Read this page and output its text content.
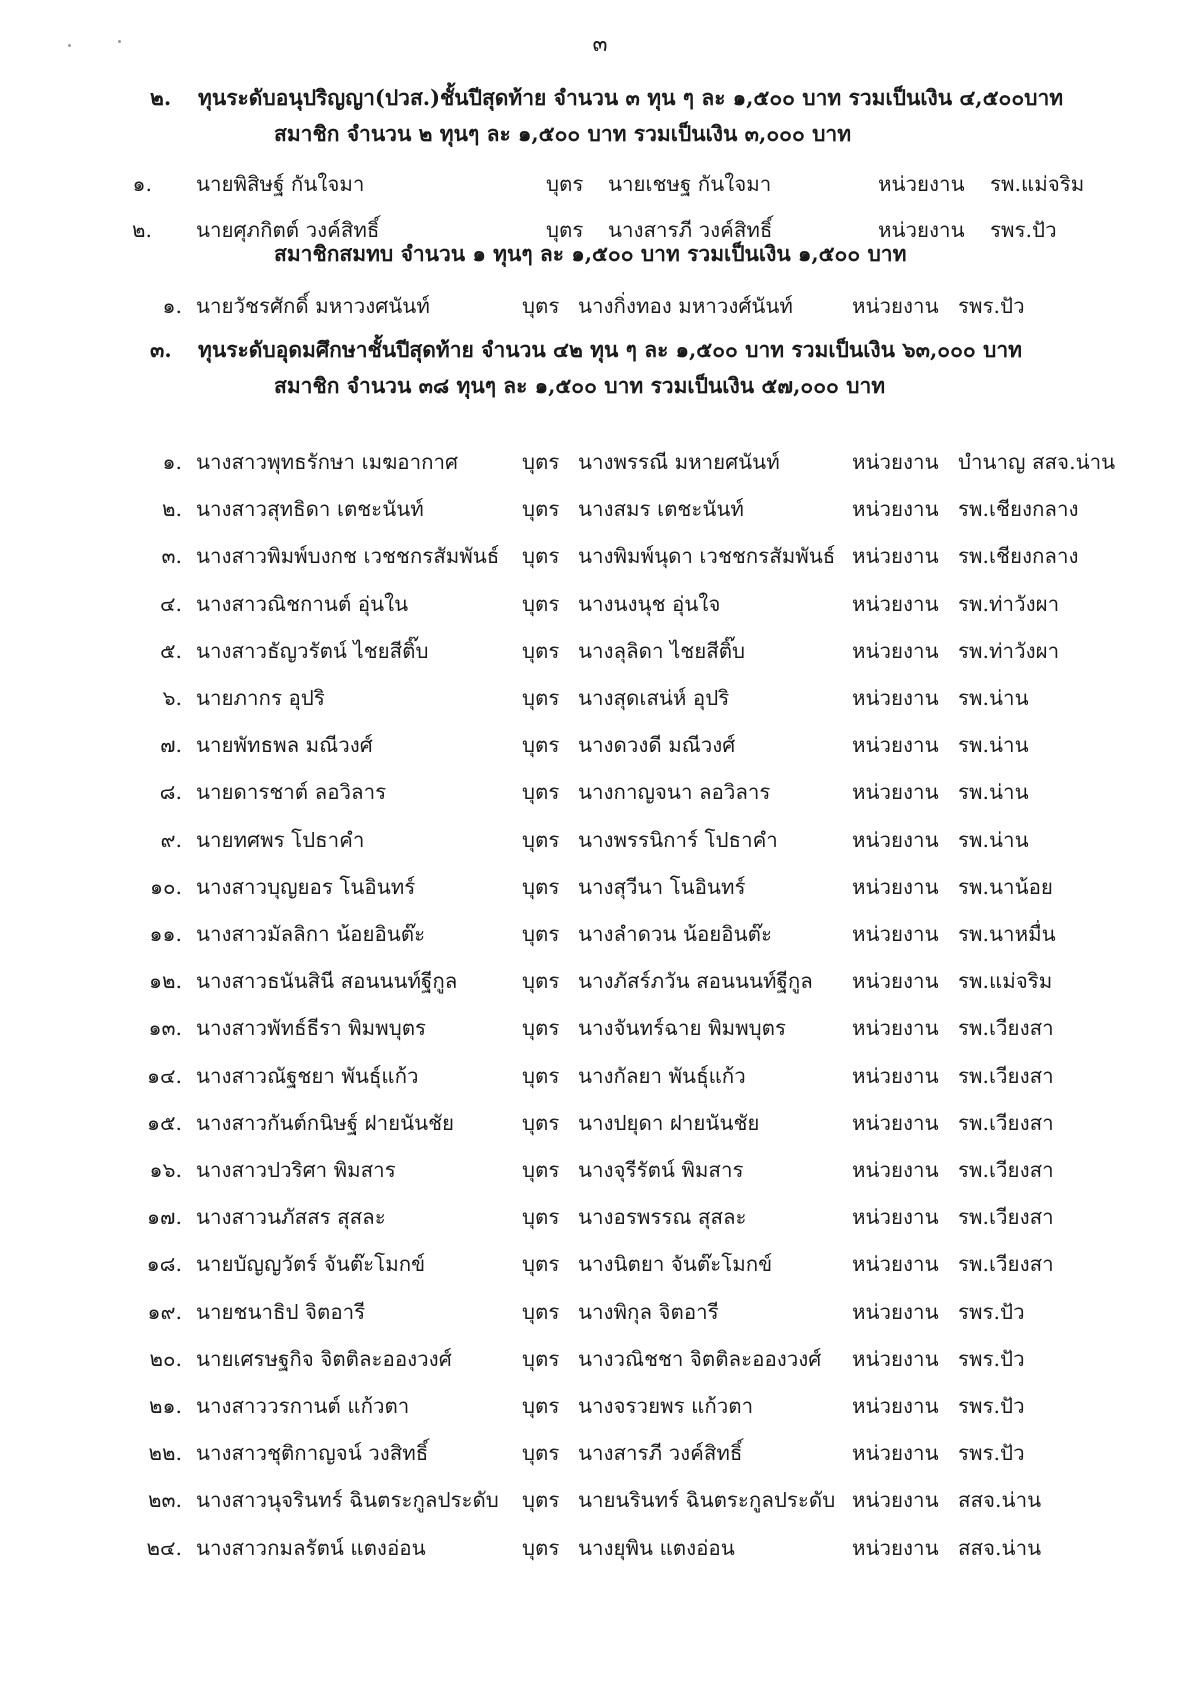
๓
๒. ทุนระดับอนุปริญญา(ปวส.)ชั้นปีสุดท้าย จำนวน ๓ ทุน ๆ ละ ๑,๕๐๐ บาท รวมเป็นเงิน ๔,๕๐๐บาท
สมาชิก จำนวน ๒ ทุนๆ ละ ๑,๕๐๐ บาท รวมเป็นเงิน ๓,๐๐๐ บาท
๑. นายพิสิษฐ์ กันใจมา	บุตร นายเชษฐ กันใจมา	หน่วยงาน รพ.แม่จริม
๒. นายศุภกิตต์ วงค์สิทธิ์	บุตร นางสารภี วงค์สิทธิ์	หน่วยงาน รพร.ปัว
สมาชิกสมทบ จำนวน ๑ ทุนๆ ละ ๑,๕๐๐ บาท รวมเป็นเงิน ๑,๕๐๐ บาท
๑. นายวัชรศักดิ์ มหาวงศนันท์	บุตร นางกิ่งทอง มหาวงศ์นันท์	หน่วยงาน รพร.ปัว
๓. ทุนระดับอุดมศึกษาชั้นปีสุดท้าย จำนวน ๔๒ ทุน ๆ ละ ๑,๕๐๐ บาท รวมเป็นเงิน ๖๓,๐๐๐ บาท
สมาชิก จำนวน ๓๘ ทุนๆ ละ ๑,๕๐๐ บาท รวมเป็นเงิน ๕๗,๐๐๐ บาท
๑. นางสาวพุทธรักษา เมฆอากาศ	บุตร นางพรรณี มหายศนันท์	หน่วยงาน บำนาญ สสจ.น่าน
๒. นางสาวสุทธิดา เตชะนันท์	บุตร นางสมร เตชะนันท์	หน่วยงาน รพ.เชียงกลาง
๓. นางสาวพิมพ์บงกช เวชชกรสัมพันธ์ บุตร นางพิมพ์นุดา เวชชกรสัมพันธ์ หน่วยงาน รพ.เชียงกลาง
๔. นางสาวณิชกานต์ อุ่นใน	บุตร นางนงนุช อุ่นใจ	หน่วยงาน รพ.ท่าวังผา
๕. นางสาวธัญวรัตน์ ไชยสีติ๊บ	บุตร นางลุลิดา ไชยสีติ๊บ	หน่วยงาน รพ.ท่าวังผา
๖. นายภากร อุปริ	บุตร นางสุดเสน่ห์ อุปริ	หน่วยงาน รพ.น่าน
๗. นายพัทธพล มณีวงศ์	บุตร นางดวงดี มณีวงศ์	หน่วยงาน รพ.น่าน
๘. นายดารชาต์ ลอวิลาร	บุตร นางกาญจนา ลอวิลาร	หน่วยงาน รพ.น่าน
๙. นายทศพร โปธาคำ	บุตร นางพรรนิการ์ โปธาคำ	หน่วยงาน รพ.น่าน
๑๐. นางสาวบุญยอร โนอินทร์	บุตร นางสุวีนา โนอินทร์	หน่วยงาน รพ.นาน้อย
๑๑. นางสาวมัลลิกา น้อยอินต๊ะ	บุตร นางลำดวน น้อยอินต๊ะ	หน่วยงาน รพ.นาหมื่น
๑๒. นางสาวธนันสินี สอนนนท์ฐีกูล	บุตร นางภัสร์ภวัน สอนนนท์ฐีกูล หน่วยงาน รพ.แม่จริม
๑๓. นางสาวพัทธ์ธีรา พิมพบุตร	บุตร นางจันทร์ฉาย พิมพบุตร	หน่วยงาน รพ.เวียงสา
๑๔. นางสาวณัฐชยา พันธุ์แก้ว	บุตร นางกัลยา พันธุ์แก้ว	หน่วยงาน รพ.เวียงสา
๑๕. นางสาวกันต์กนิษฐ์ ฝายนันชัย	บุตร นางปยุดา ฝายนันชัย	หน่วยงาน รพ.เวียงสา
๑๖. นางสาวปวริศา พิมสาร	บุตร นางจุรีรัตน์ พิมสาร	หน่วยงาน รพ.เวียงสา
๑๗. นางสาวนภัสสร สุสละ	บุตร นางอรพรรณ สุสละ	หน่วยงาน รพ.เวียงสา
๑๘. นายบัญญวัตร์ จันต๊ะโมกข์	บุตร นางนิตยา จันต๊ะโมกข์	หน่วยงาน รพ.เวียงสา
๑๙. นายชนาธิป จิตอารี	บุตร นางพิกุล จิตอารี	หน่วยงาน รพร.ปัว
๒๐. นายเศรษฐกิจ จิตติละอองวงศ์	บุตร นางวณิชชา จิตติละอองวงศ์ หน่วยงาน รพร.ปัว
๒๑. นางสาววรกานต์ แก้วตา	บุตร นางจรวยพร แก้วตา	หน่วยงาน รพร.ปัว
๒๒. นางสาวชุติกาญจน์ วงสิทธิ์	บุตร นางสารภี วงค์สิทธิ์	หน่วยงาน รพร.ปัว
๒๓. นางสาวนุจรินทร์ ฉินตระกูลประดับ บุตร นายนรินทร์ ฉินตระกูลประดับ หน่วยงาน สสจ.น่าน
๒๔. นางสาวกมลรัตน์ แตงอ่อน	บุตร นางยุพิน แตงอ่อน	หน่วยงาน สสจ.น่าน
